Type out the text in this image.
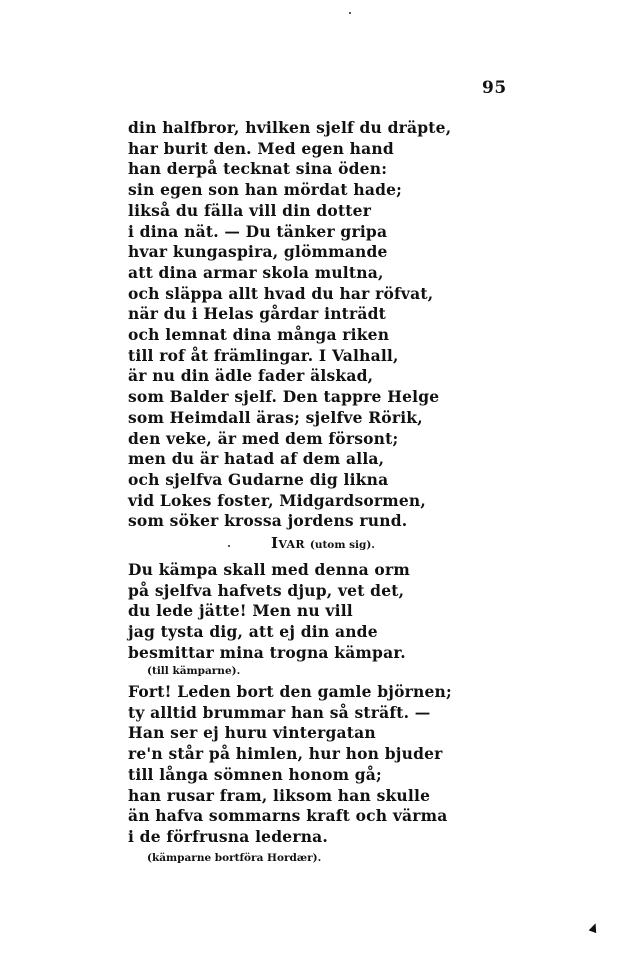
95
din halfbror, hvilken sjelf du dräpte,
har burit den. Med egen hand
han derpå tecknat sina öden:
sin egen son han mördat hade;
likså du fälla vill din dotter
i dina nät. — Du tänker gripa
hvar kungaspira, glömmande
att dina armar skola multna,
och släppa allt hvad du har röfvat,
när du i Helas gårdar inträdt
och lemnat dina många riken
till rof åt främlingar. I Valhall,
är nu din ädle fader älskad,
som Balder sjelf. Den tappre Helge
som Heimdall äras; sjelfve Rörik,
den veke, är med dem försont;
men du är hatad af dem alla,
och sjelfva Gudarne dig likna
vid Lokes foster, Midgardsormen,
som söker krossa jordens rund.
Ivar (utom sig).
Du kämpa skall med denna orm
på sjelfva hafvets djup, vet det,
du lede jätte! Men nu vill
jag tysta dig, att ej din ande
besmittar mina trogna kämpar.
(till kämparne).
Fort! Leden bort den gamle björnen;
ty alltid brummar han så sträft. —
Han ser ej huru vintergatan
re'n står på himlen, hur hon bjuder
till långa sömnen honom gå;
han rusar fram, liksom han skulle
än hafva sommarns kraft och värma
i de förfrusna lederna.
(kämparne bortföra Hordær).
